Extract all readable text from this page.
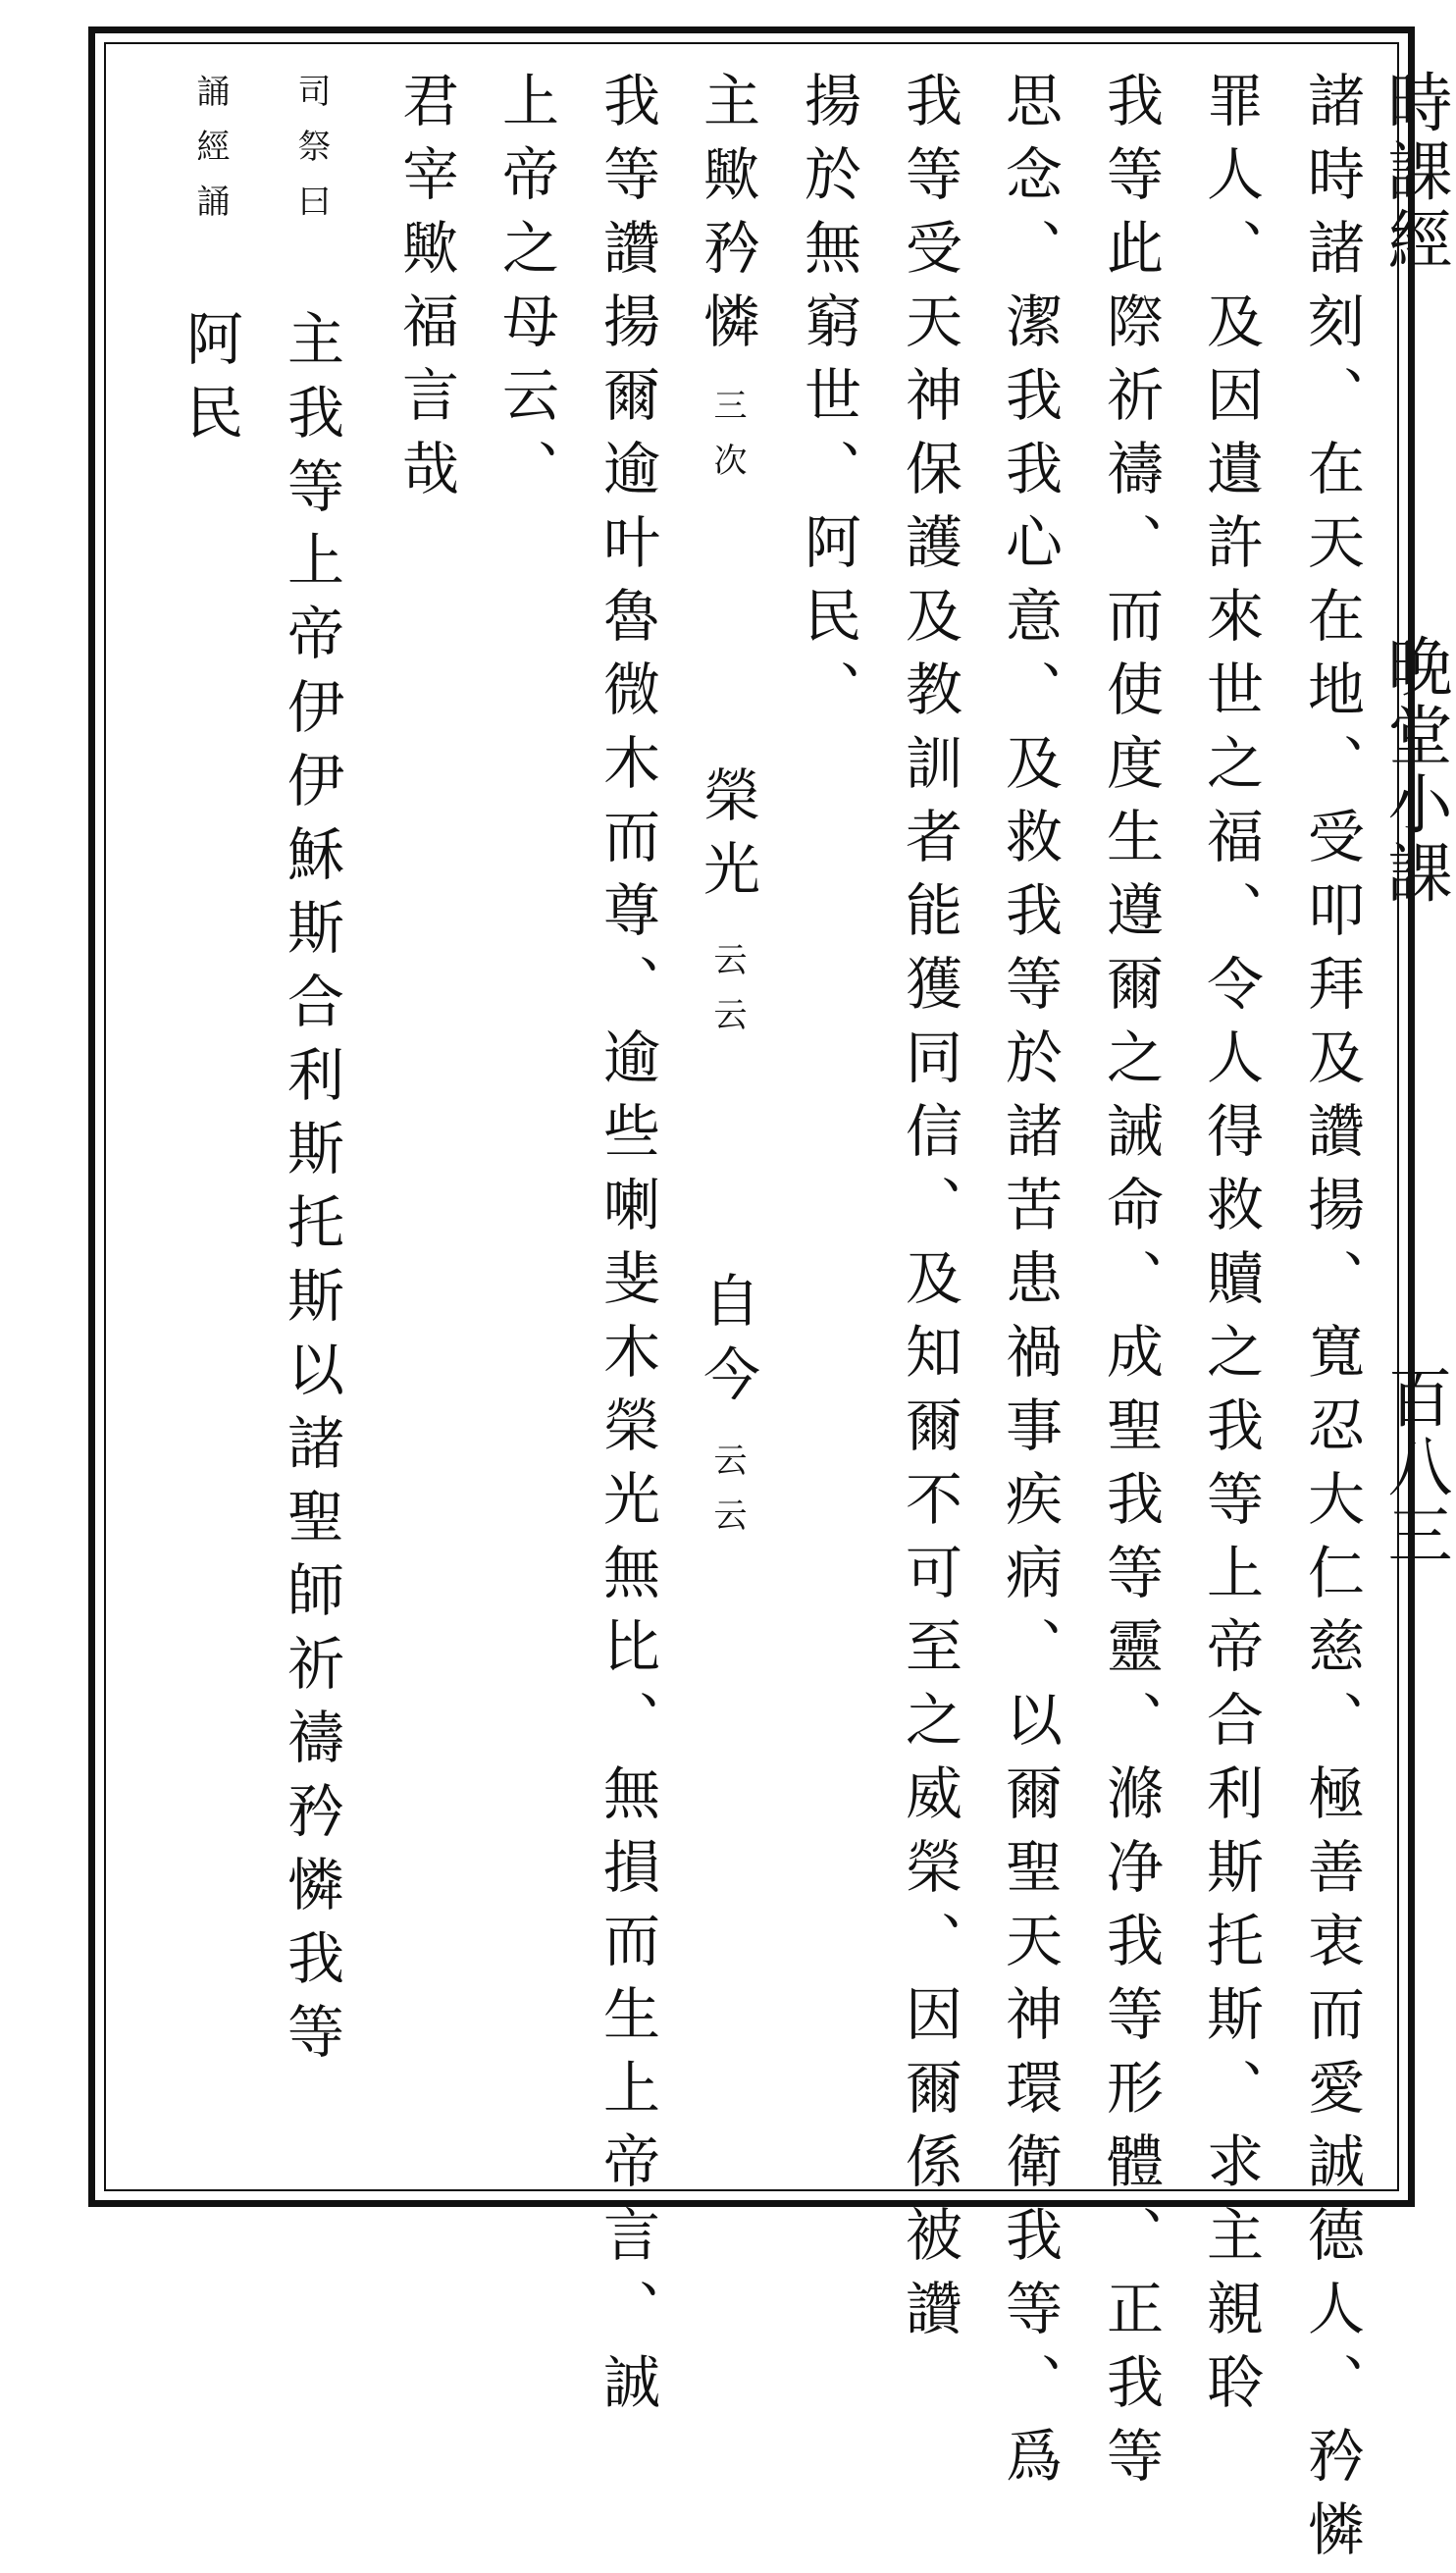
時課經
晚堂小課
百八三
諸時諸刻、在天在地、受叩拜及讚揚、寬忍大仁慈、極善衷而愛誠德人、矜憐
罪人、及因遺許來世之福、令人得救贖之我等上帝合利斯托斯、求主親聆
我等此際祈禱、而使度生遵爾之誡命、成聖我等靈、滌净我等形體、正我等
思念、潔我我心意、及救我等於諸苦患禍事疾病、以爾聖天神環衛我等、爲
我等受天神保護及教訓者能獲同信、及知爾不可至之威榮、因爾係被讚
揚於無窮世、阿民、
主歟矜憐
三次
榮光
云云
自今
云云
我等讚揚爾逾叶魯微木而尊、逾些喇斐木榮光無比、無損而生上帝言、誠
上帝之母云、
君宰歟福言哉
司祭曰
主我等上帝伊伊穌斯合利斯托斯以諸聖師祈禱矜憐我等
誦經誦
阿民
